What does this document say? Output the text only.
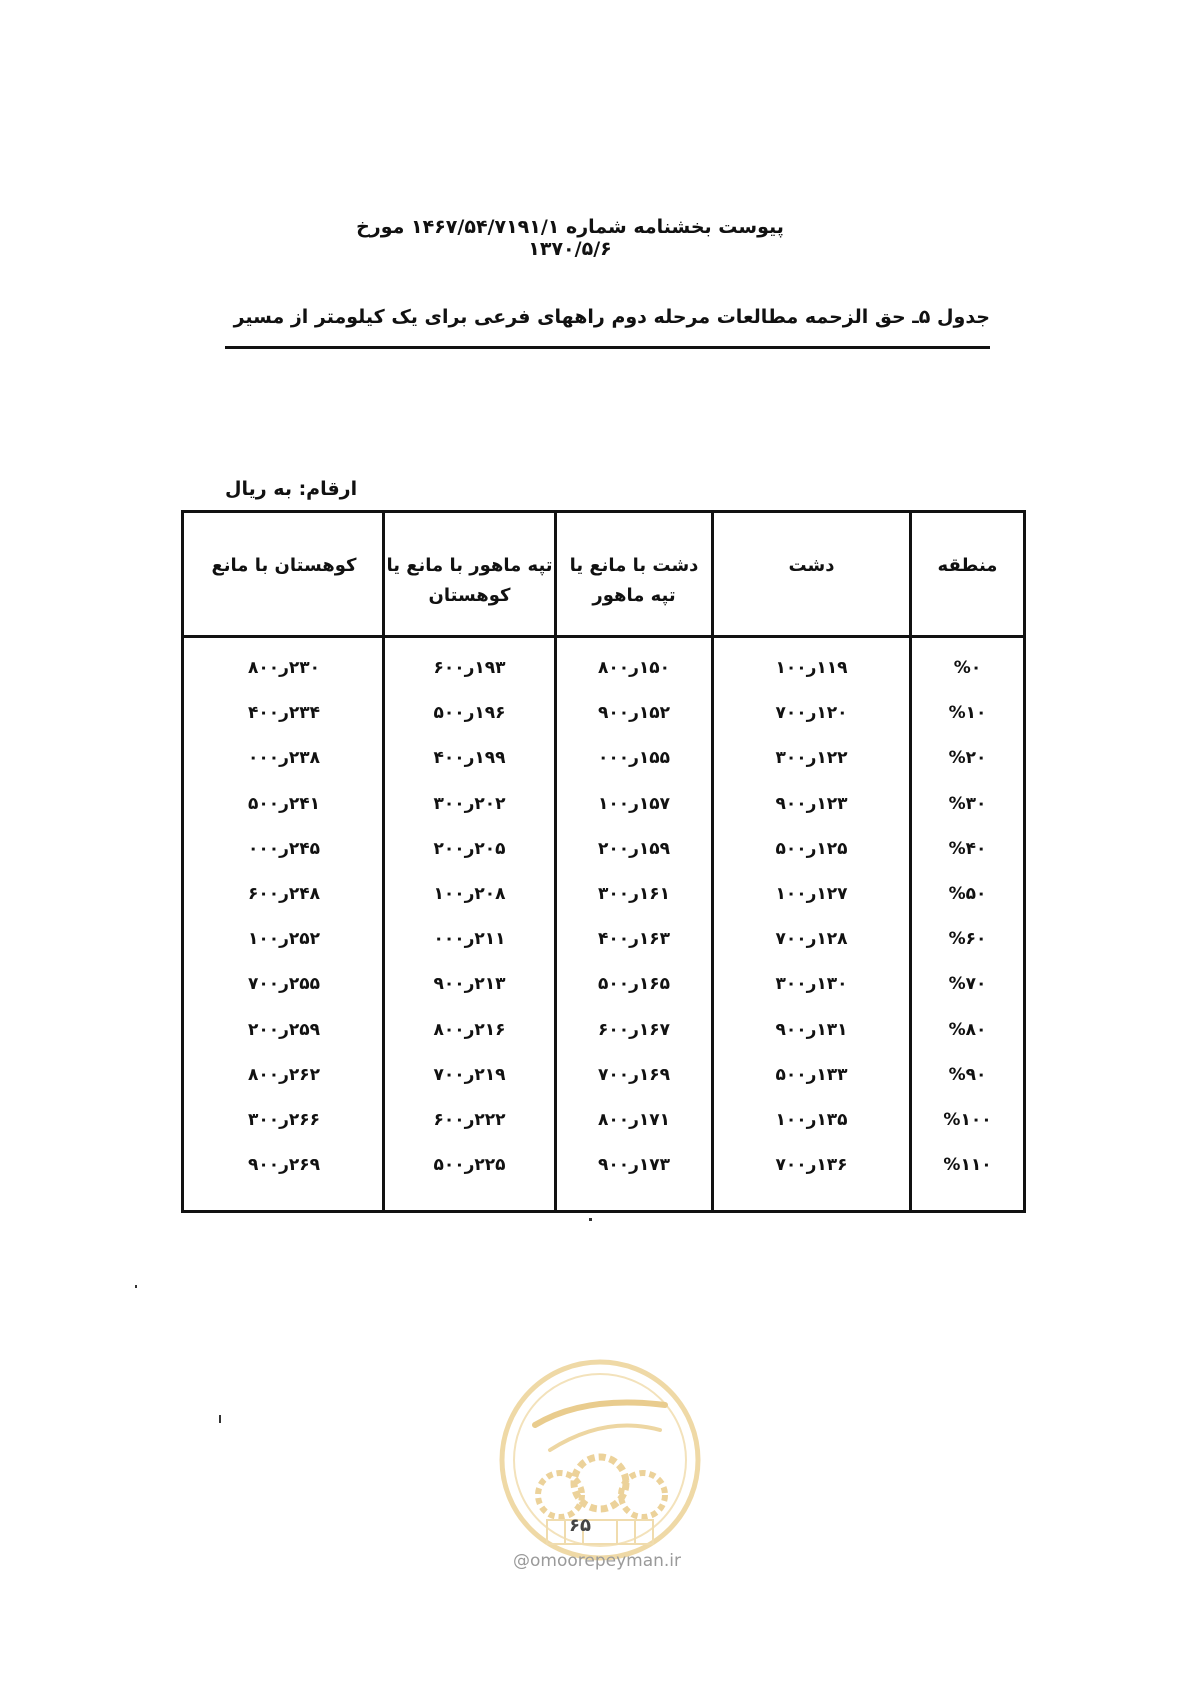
پیوست بخشنامه شماره ۱۴۶۷/۵۴/۷۱۹۱/۱ مورخ ۱۳۷۰/۵/۶
جدول ۵ـ حق الزحمه مطالعات مرحله دوم راههای فرعی برای یک کیلومتر از مسیر
ارقام: به ریال
منطقه
دشت
دشت با مانع یا تپه ماهور
تپه ماهور با مانع یا کوهستان
کوهستان با مانع
%۰
۱۱۹ر۱۰۰
۱۵۰ر۸۰۰
۱۹۳ر۶۰۰
۲۳۰ر۸۰۰
%۱۰
۱۲۰ر۷۰۰
۱۵۲ر۹۰۰
۱۹۶ر۵۰۰
۲۳۴ر۴۰۰
%۲۰
۱۲۲ر۳۰۰
۱۵۵ر۰۰۰
۱۹۹ر۴۰۰
۲۳۸ر۰۰۰
%۳۰
۱۲۳ر۹۰۰
۱۵۷ر۱۰۰
۲۰۲ر۳۰۰
۲۴۱ر۵۰۰
%۴۰
۱۲۵ر۵۰۰
۱۵۹ر۲۰۰
۲۰۵ر۲۰۰
۲۴۵ر۰۰۰
%۵۰
۱۲۷ر۱۰۰
۱۶۱ر۳۰۰
۲۰۸ر۱۰۰
۲۴۸ر۶۰۰
%۶۰
۱۲۸ر۷۰۰
۱۶۳ر۴۰۰
۲۱۱ر۰۰۰
۲۵۲ر۱۰۰
%۷۰
۱۳۰ر۳۰۰
۱۶۵ر۵۰۰
۲۱۳ر۹۰۰
۲۵۵ر۷۰۰
%۸۰
۱۳۱ر۹۰۰
۱۶۷ر۶۰۰
۲۱۶ر۸۰۰
۲۵۹ر۲۰۰
%۹۰
۱۳۳ر۵۰۰
۱۶۹ر۷۰۰
۲۱۹ر۷۰۰
۲۶۲ر۸۰۰
%۱۰۰
۱۳۵ر۱۰۰
۱۷۱ر۸۰۰
۲۲۲ر۶۰۰
۲۶۶ر۳۰۰
%۱۱۰
۱۳۶ر۷۰۰
۱۷۳ر۹۰۰
۲۲۵ر۵۰۰
۲۶۹ر۹۰۰
۶۵
@omoorepeyman.ir
